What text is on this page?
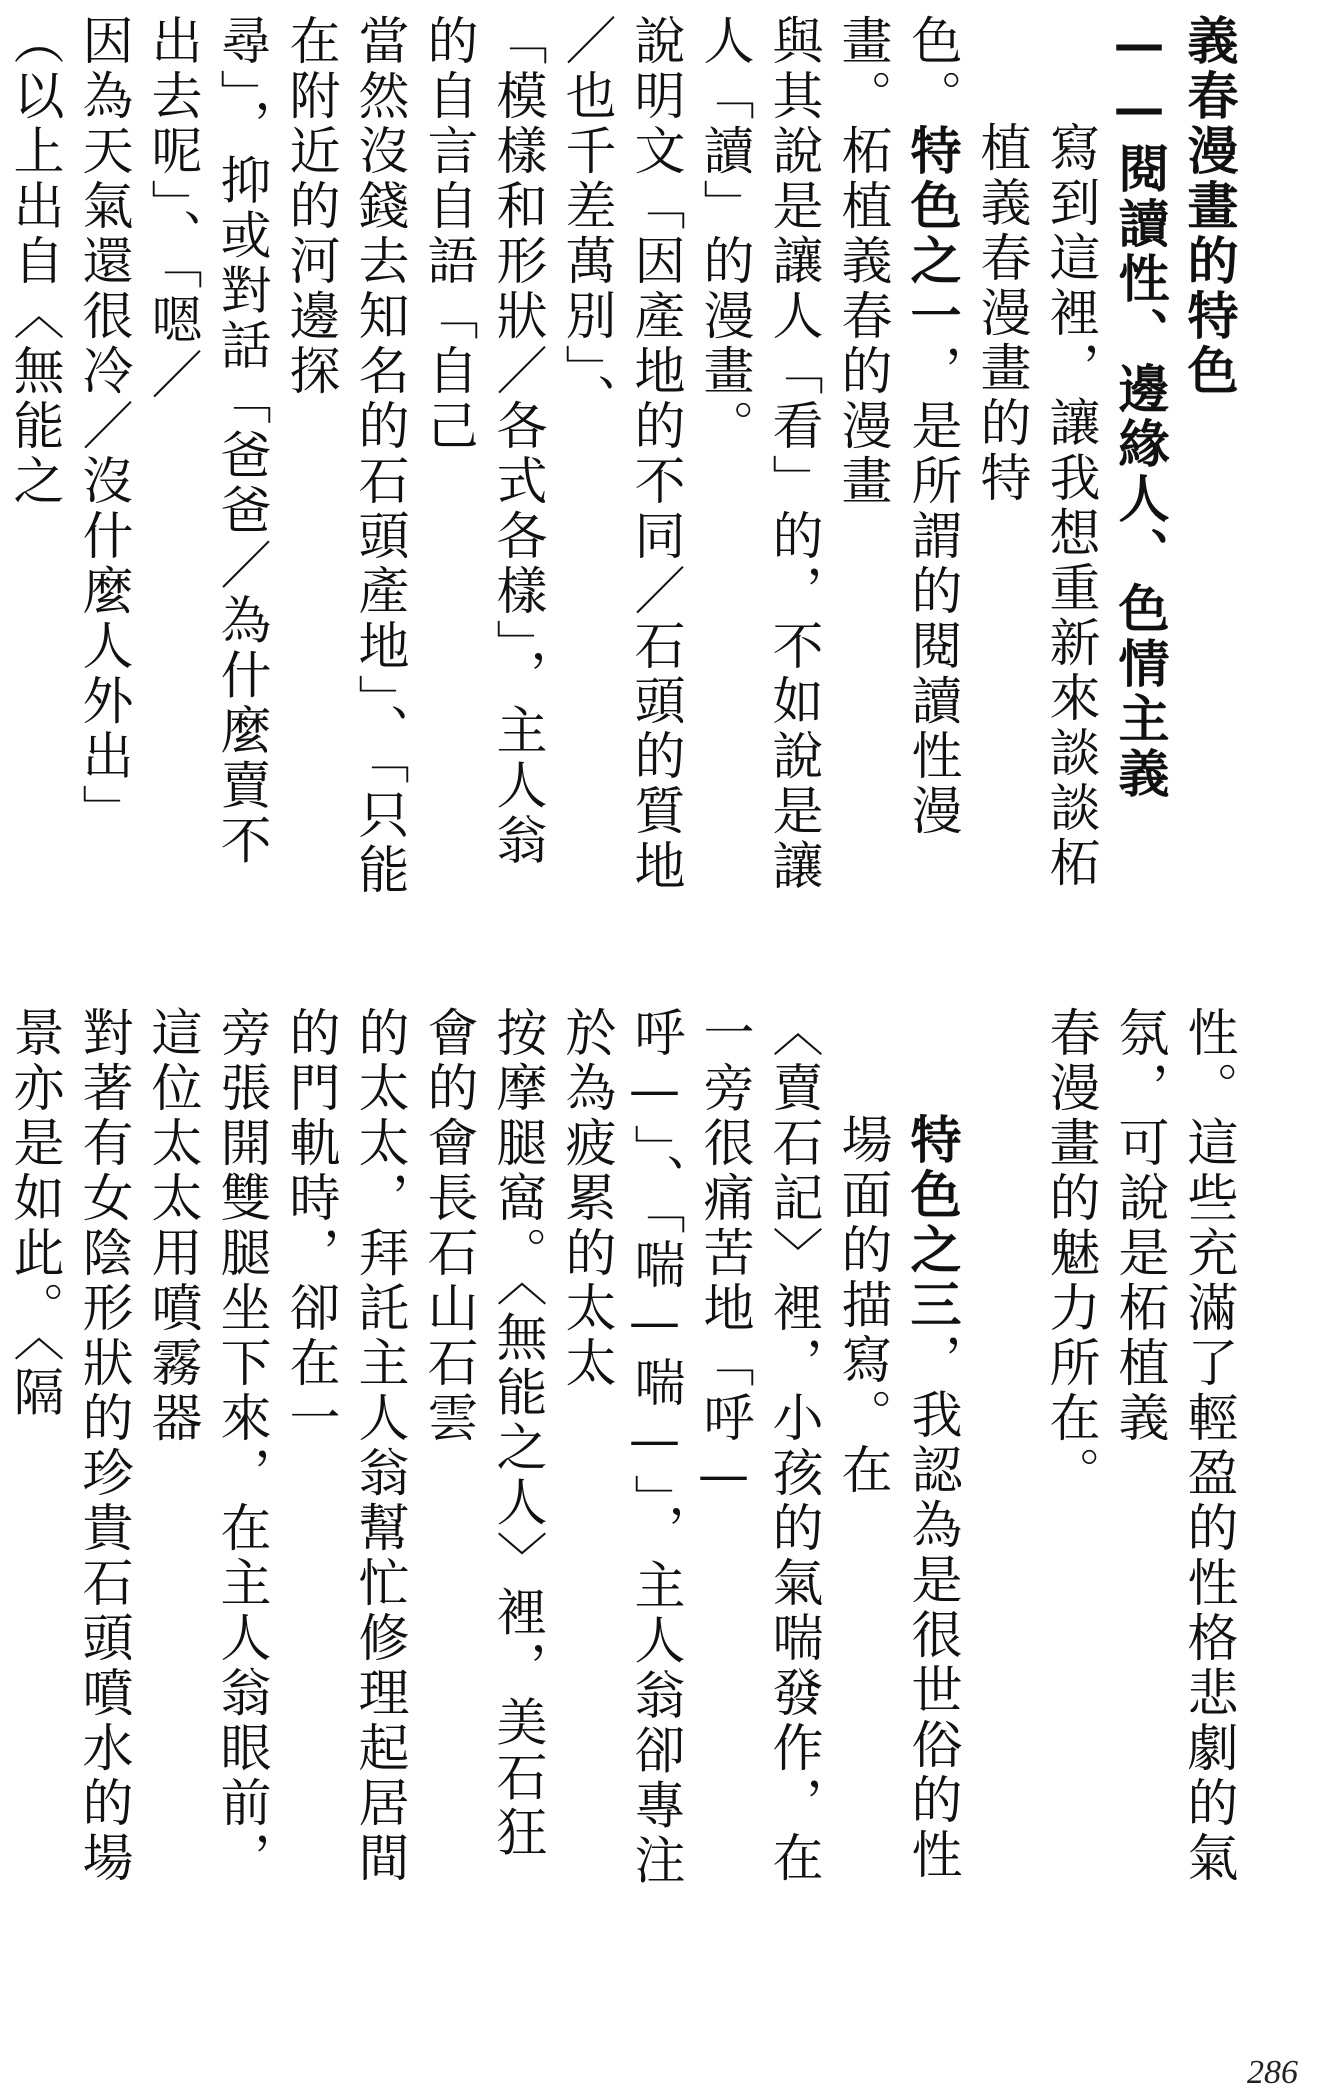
義春漫畫的特色
——閱讀性、邊緣人、色情主義
寫到這裡，讓我想重新來談談柘植義春漫畫的特
色。特色之一，是所謂的閱讀性漫畫。柘植義春的漫畫
與其說是讓人「看」的，不如說是讓人「讀」的漫畫。
說明文「因產地的不同／石頭的質地／也千差萬別」、
「模樣和形狀／各式各樣」，主人翁的自言自語「自己
當然沒錢去知名的石頭產地」、「只能在附近的河邊探
尋」，抑或對話「爸爸／為什麼賣不出去呢」、「嗯／
因為天氣還很冷／沒什麼人外出」（以上出自〈無能之
性。這些充滿了輕盈的性格悲劇的氣氛，可說是柘植義
春漫畫的魅力所在。
特色之三，我認為是很世俗的性場面的描寫。在
〈賣石記〉裡，小孩的氣喘發作，在一旁很痛苦地「呼—
呼—」、「喘—喘—」，主人翁卻專注於為疲累的太太
按摩腿窩。〈無能之人〉裡，美石狂會的會長石山石雲
的太太，拜託主人翁幫忙修理起居間的門軌時，卻在一
旁張開雙腿坐下來，在主人翁眼前，這位太太用噴霧器
對著有女陰形狀的珍貴石頭噴水的場景亦是如此。〈隔
286
